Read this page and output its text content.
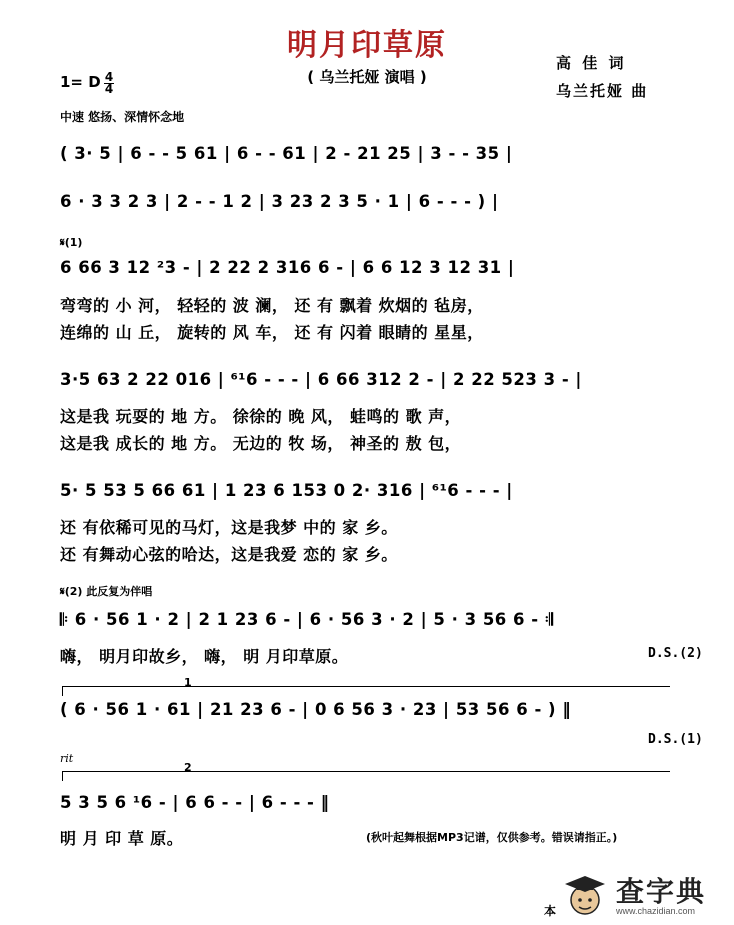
明月印草原
( 乌兰托娅 演唱 )
高 佳 词
乌兰托娅 曲
1= D $\frac{4}{4}$
中速 悠扬、深情怀念地
( 3· 5 | 6 - - 5 61 | 6 - - 61 | 2 - 21 25 | 3 - - 35 |
6 · 3 3 2 3 | 2 - - 1 2 | 3 23 2 3 5 · 1 | 6 - - - ) |
𝄋(1)
6 66 3 12 ²3 - | 2 22 2 316 6 - | 6 6 12 3 12 31 |
弯弯的 小 河， 轻轻的 波 澜， 还 有 飘着 炊烟的 毡房，
连绵的 山 丘， 旋转的 风 车， 还 有 闪着 眼睛的 星星，
3·5 63 2 22 016 | ⁶¹6 - - - | 6 66 312 2 - | 2 22 523 3 - |
这是我 玩耍的 地 方。 徐徐的 晚 风， 蛙鸣的 歌 声，
这是我 成长的 地 方。 无边的 牧 场， 神圣的 敖 包，
5· 5 53 5 66 61 | 1 23 6 153 0 2· 316 | ⁶¹6 - - - |
还 有依稀可见的马灯，这是我梦 中的 家 乡。
还 有舞动心弦的哈达，这是我爱 恋的 家 乡。
𝄋(2) 此反复为伴唱
𝄆 6 · 56 1 · 2 | 2 1 23 6 - | 6 · 56 3 · 2 | 5 · 3 56 6 - 𝄇
嗨， 明月印故乡， 嗨， 明 月印草原。	D.S.(2)
1
( 6 · 56 1 · 61 | 21 23 6 - | 0 6 56 3 · 23 | 53 56 6 - ) ‖
D.S.(1)
rit
2
5 3 5 6 ¹6 - | 6 6 - - | 6 - - - ‖
明 月 印 草 原。	(秋叶起舞根据MP3记谱，仅供参考。错误请指正。)
本
查字典
www.chazidian.com
